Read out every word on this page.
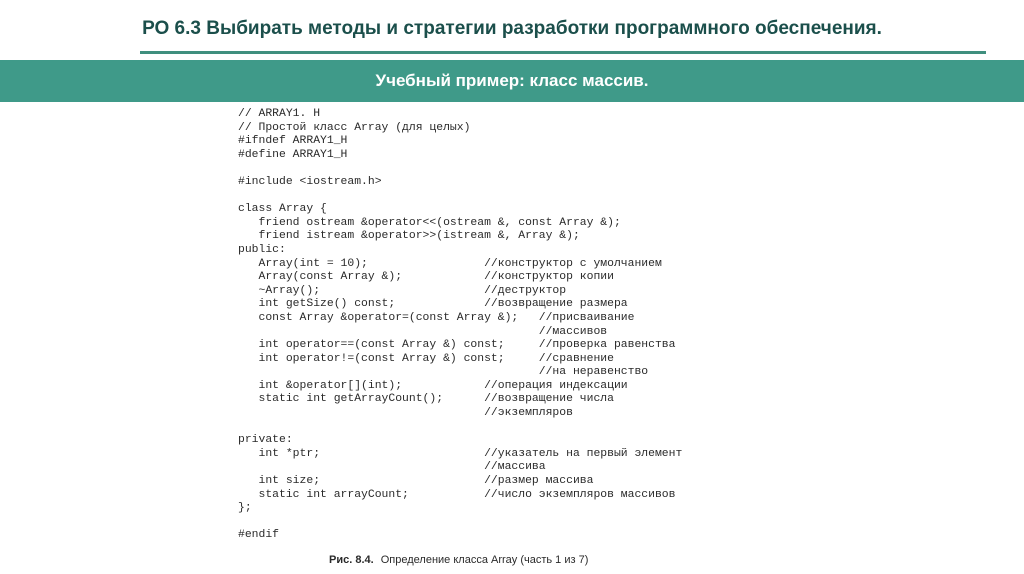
РО 6.3 Выбирать методы и стратегии разработки программного обеспечения.
Учебный пример: класс массив.
// ARRAY1. H
// Простой класс Array (для целых)
#ifndef ARRAY1_H
#define ARRAY1_H
#include <iostream.h>
class Array {
friend ostream &operator<<(ostream &, const Array &);
friend istream &operator>>(istream &, Array &);
public:
Array(int = 10);                 //конструктор с умолчанием
Array(const Array &);            //конструктор копии
~Array();                        //деструктор
int getSize() const;             //возвращение размера
const Array &operator=(const Array &);   //присваивание
//массивов
int operator==(const Array &) const;     //проверка равенства
int operator!=(const Array &) const;     //сравнение
//на неравенство
int &operator[](int);            //операция индексации
static int getArrayCount();      //возвращение числа
//экземпляров
private:
int *ptr;                        //указатель на первый элемент
//массива
int size;                        //размер массива
static int arrayCount;           //число экземпляров массивов
};
#endif
Рис. 8.4. Определение класса Array (часть 1 из 7)
